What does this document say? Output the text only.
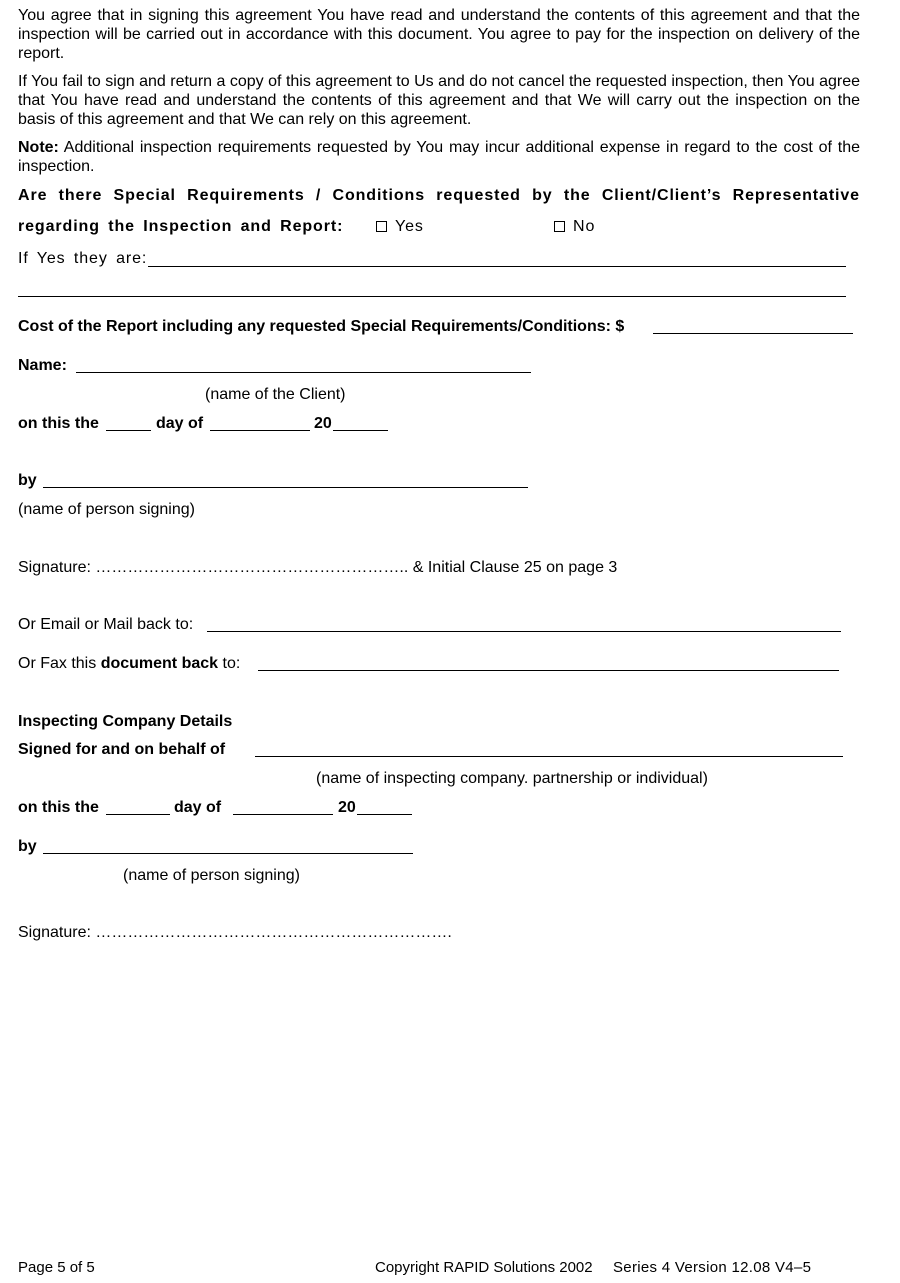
You agree that in signing this agreement You have read and understand the contents of this agreement and that the inspection will be carried out in accordance with this document. You agree to pay for the inspection on delivery of the report.
If You fail to sign and return a copy of this agreement to Us and do not cancel the requested inspection, then You agree that You have read and understand the contents of this agreement and that We will carry out the inspection on the basis of this agreement and that We can rely on this agreement.
Note: Additional inspection requirements requested by You may incur additional expense in regard to the cost of the inspection.
Are there Special Requirements / Conditions requested by the Client/Client’s Representative
regarding the Inspection and Report:	Yes	No
If Yes they are:
Cost of the Report including any requested Special Requirements/Conditions: $
Name:
(name of the Client)
on this the	day of	20
by
(name of person signing)
Signature: ………………………………………………….. & Initial Clause 25 on page 3
Or Email or Mail back to:
Or Fax this document back to:
Inspecting Company Details
Signed for and on behalf of
(name of inspecting company. partnership or individual)
on this the	day of	20
by
(name of person signing)
Signature: ………………………………………………………….
Page 5 of 5	Copyright RAPID Solutions 2002 Series 4 Version 12.08 V4–5
